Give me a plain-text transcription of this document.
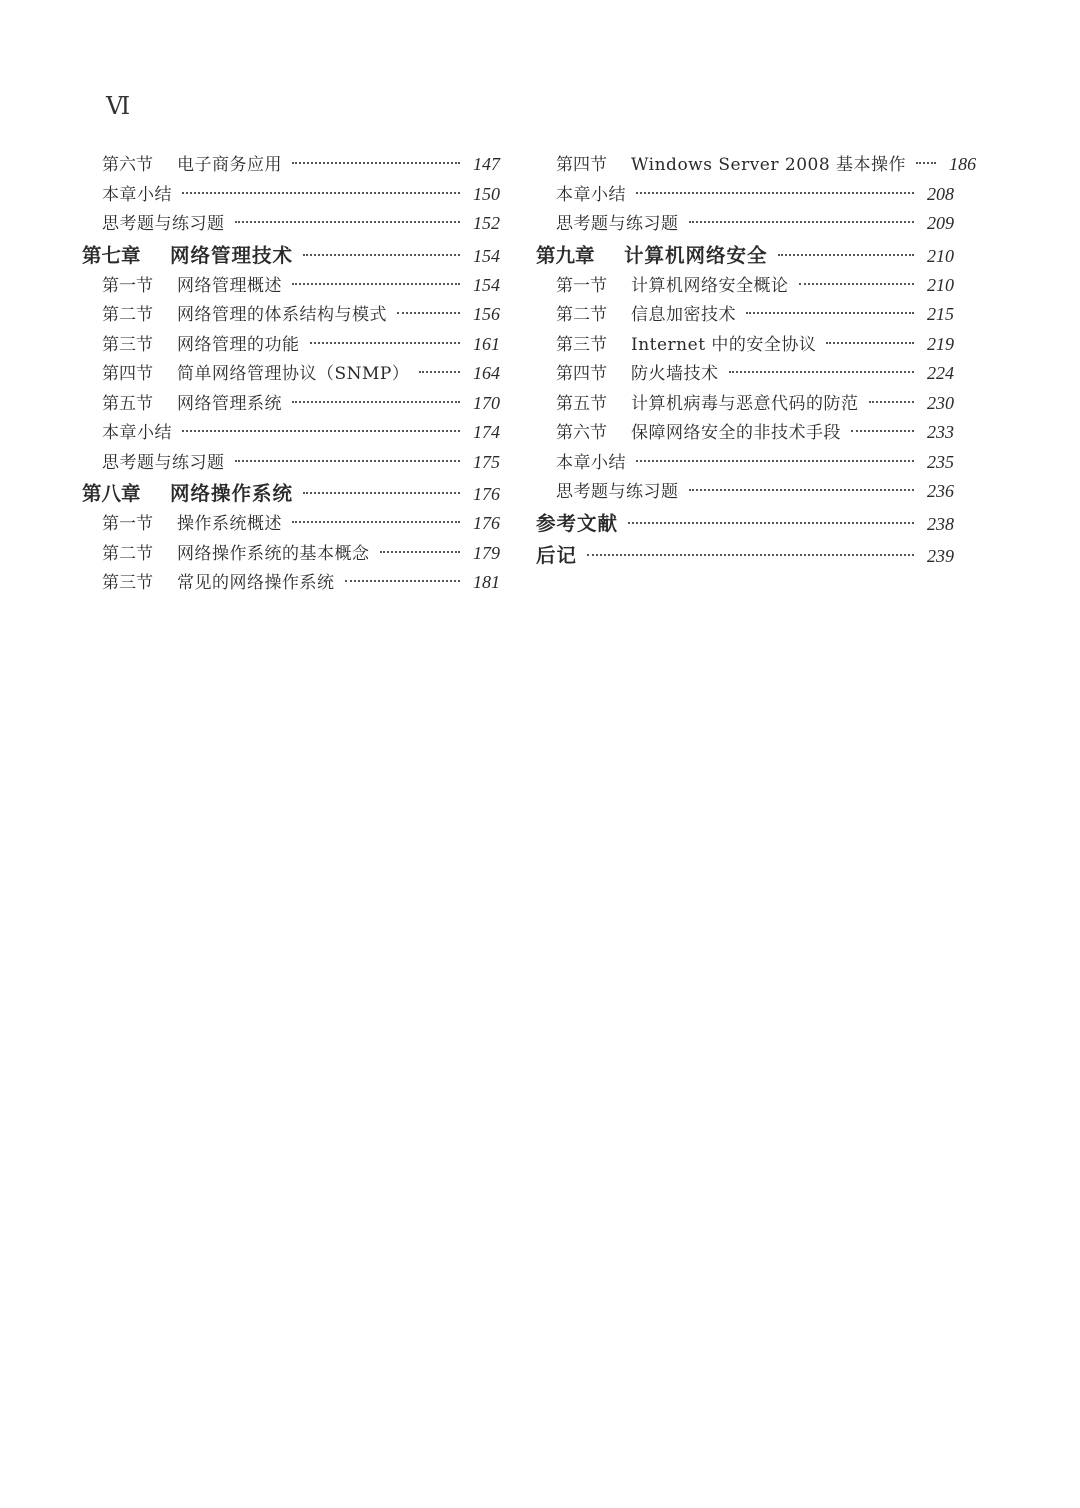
Ⅵ
第六节	电子商务应用	147
本章小结	150
思考题与练习题	152
第七章	网络管理技术	154
第一节	网络管理概述	154
第二节	网络管理的体系结构与模式	156
第三节	网络管理的功能	161
第四节	简单网络管理协议（SNMP）	164
第五节	网络管理系统	170
本章小结	174
思考题与练习题	175
第八章	网络操作系统	176
第一节	操作系统概述	176
第二节	网络操作系统的基本概念	179
第三节	常见的网络操作系统	181
第四节	Windows Server 2008 基本操作	186
本章小结	208
思考题与练习题	209
第九章	计算机网络安全	210
第一节	计算机网络安全概论	210
第二节	信息加密技术	215
第三节	Internet 中的安全协议	219
第四节	防火墙技术	224
第五节	计算机病毒与恶意代码的防范	230
第六节	保障网络安全的非技术手段	233
本章小结	235
思考题与练习题	236
参考文献	238
后记	239
